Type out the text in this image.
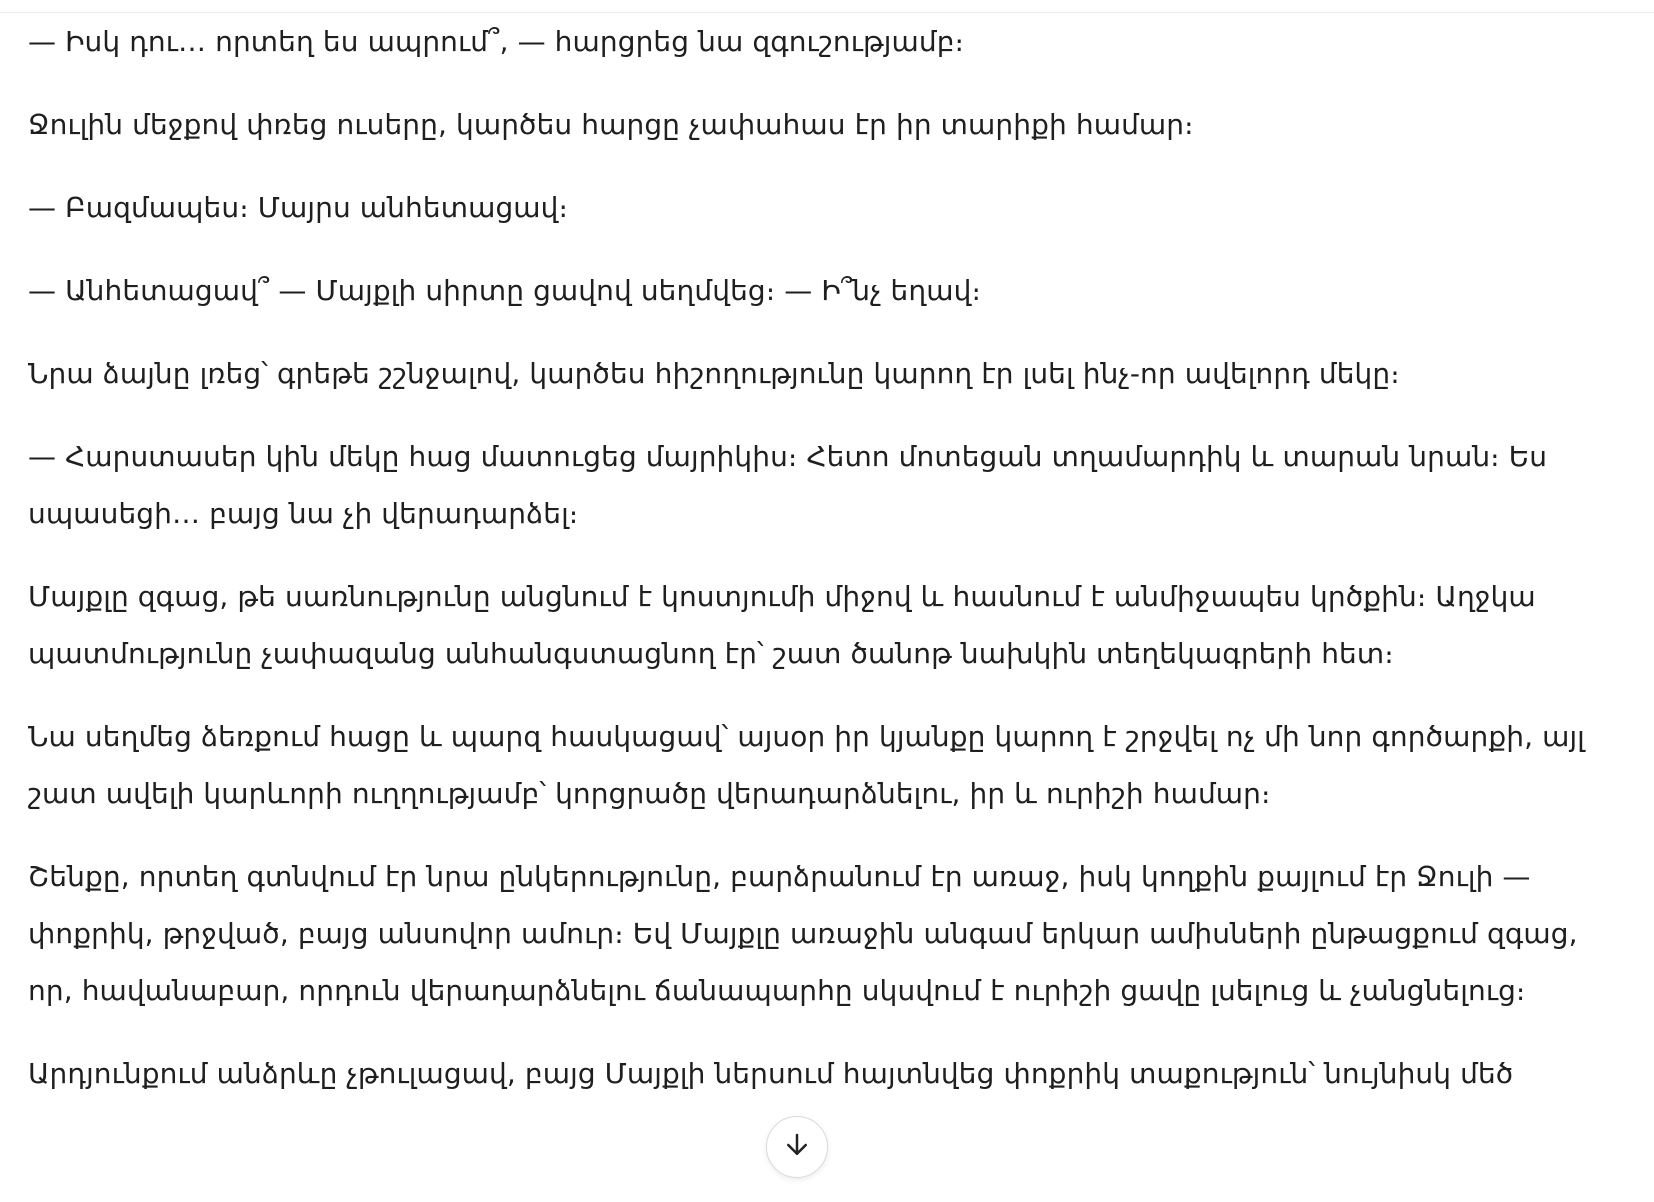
— Իսկ դու… որտեղ ես ապրում՞, — հարցրեց նա զգուշությամբ։

Ջուլին մեջքով փռեց ուսերը, կարծես հարցը չափահաս էր իր տարիքի համար։

— Բազմապես։ Մայրս անհետացավ։

— Անհետացավ՞ — Մայքլի սիրտը ցավով սեղմվեց։ — Ի՞նչ եղավ։

Նրա ձայնը լռեց՝ գրեթե շշնջալով, կարծես հիշողությունը կարող էր լսել ինչ-որ ավելորդ մեկը։

— Հարստասեր կին մեկը հաց մատուցեց մայրիկիս։ Հետո մոտեցան տղամարդիկ և տարան նրան։ Ես սպասեցի… բայց նա չի վերադարձել։

Մայքլը զգաց, թե սառնությունը անցնում է կոստյումի միջով և հասնում է անմիջապես կրծքին։ Աղջկա պատմությունը չափազանց անհանգստացնող էր՝ շատ ծանոթ նախկին տեղեկագրերի հետ։

Նա սեղմեց ձեռքում հացը և պարզ հասկացավ՝ այսօր իր կյանքը կարող է շրջվել ոչ մի նոր գործարքի, այլ շատ ավելի կարևորի ուղղությամբ՝ կորցրածը վերադարձնելու, իր և ուրիշի համար։

Շենքը, որտեղ գտնվում էր նրա ընկերությունը, բարձրանում էր առաջ, իսկ կողքին քայլում էր Ջուլի — փոքրիկ, թրջված, բայց անսովոր ամուր։ Եվ Մայքլը առաջին անգամ երկար ամիսների ընթացքում զգաց, որ, հավանաբար, որդուն վերադարձնելու ճանապարհը սկսվում է ուրիշի ցավը լսելուց և չանցնելուց։

Արդյունքում անձրևը չթուլացավ, բայց Մայքլի ներսում հայտնվեց փոքրիկ տաքություն՝ նույնիսկ մեծ
